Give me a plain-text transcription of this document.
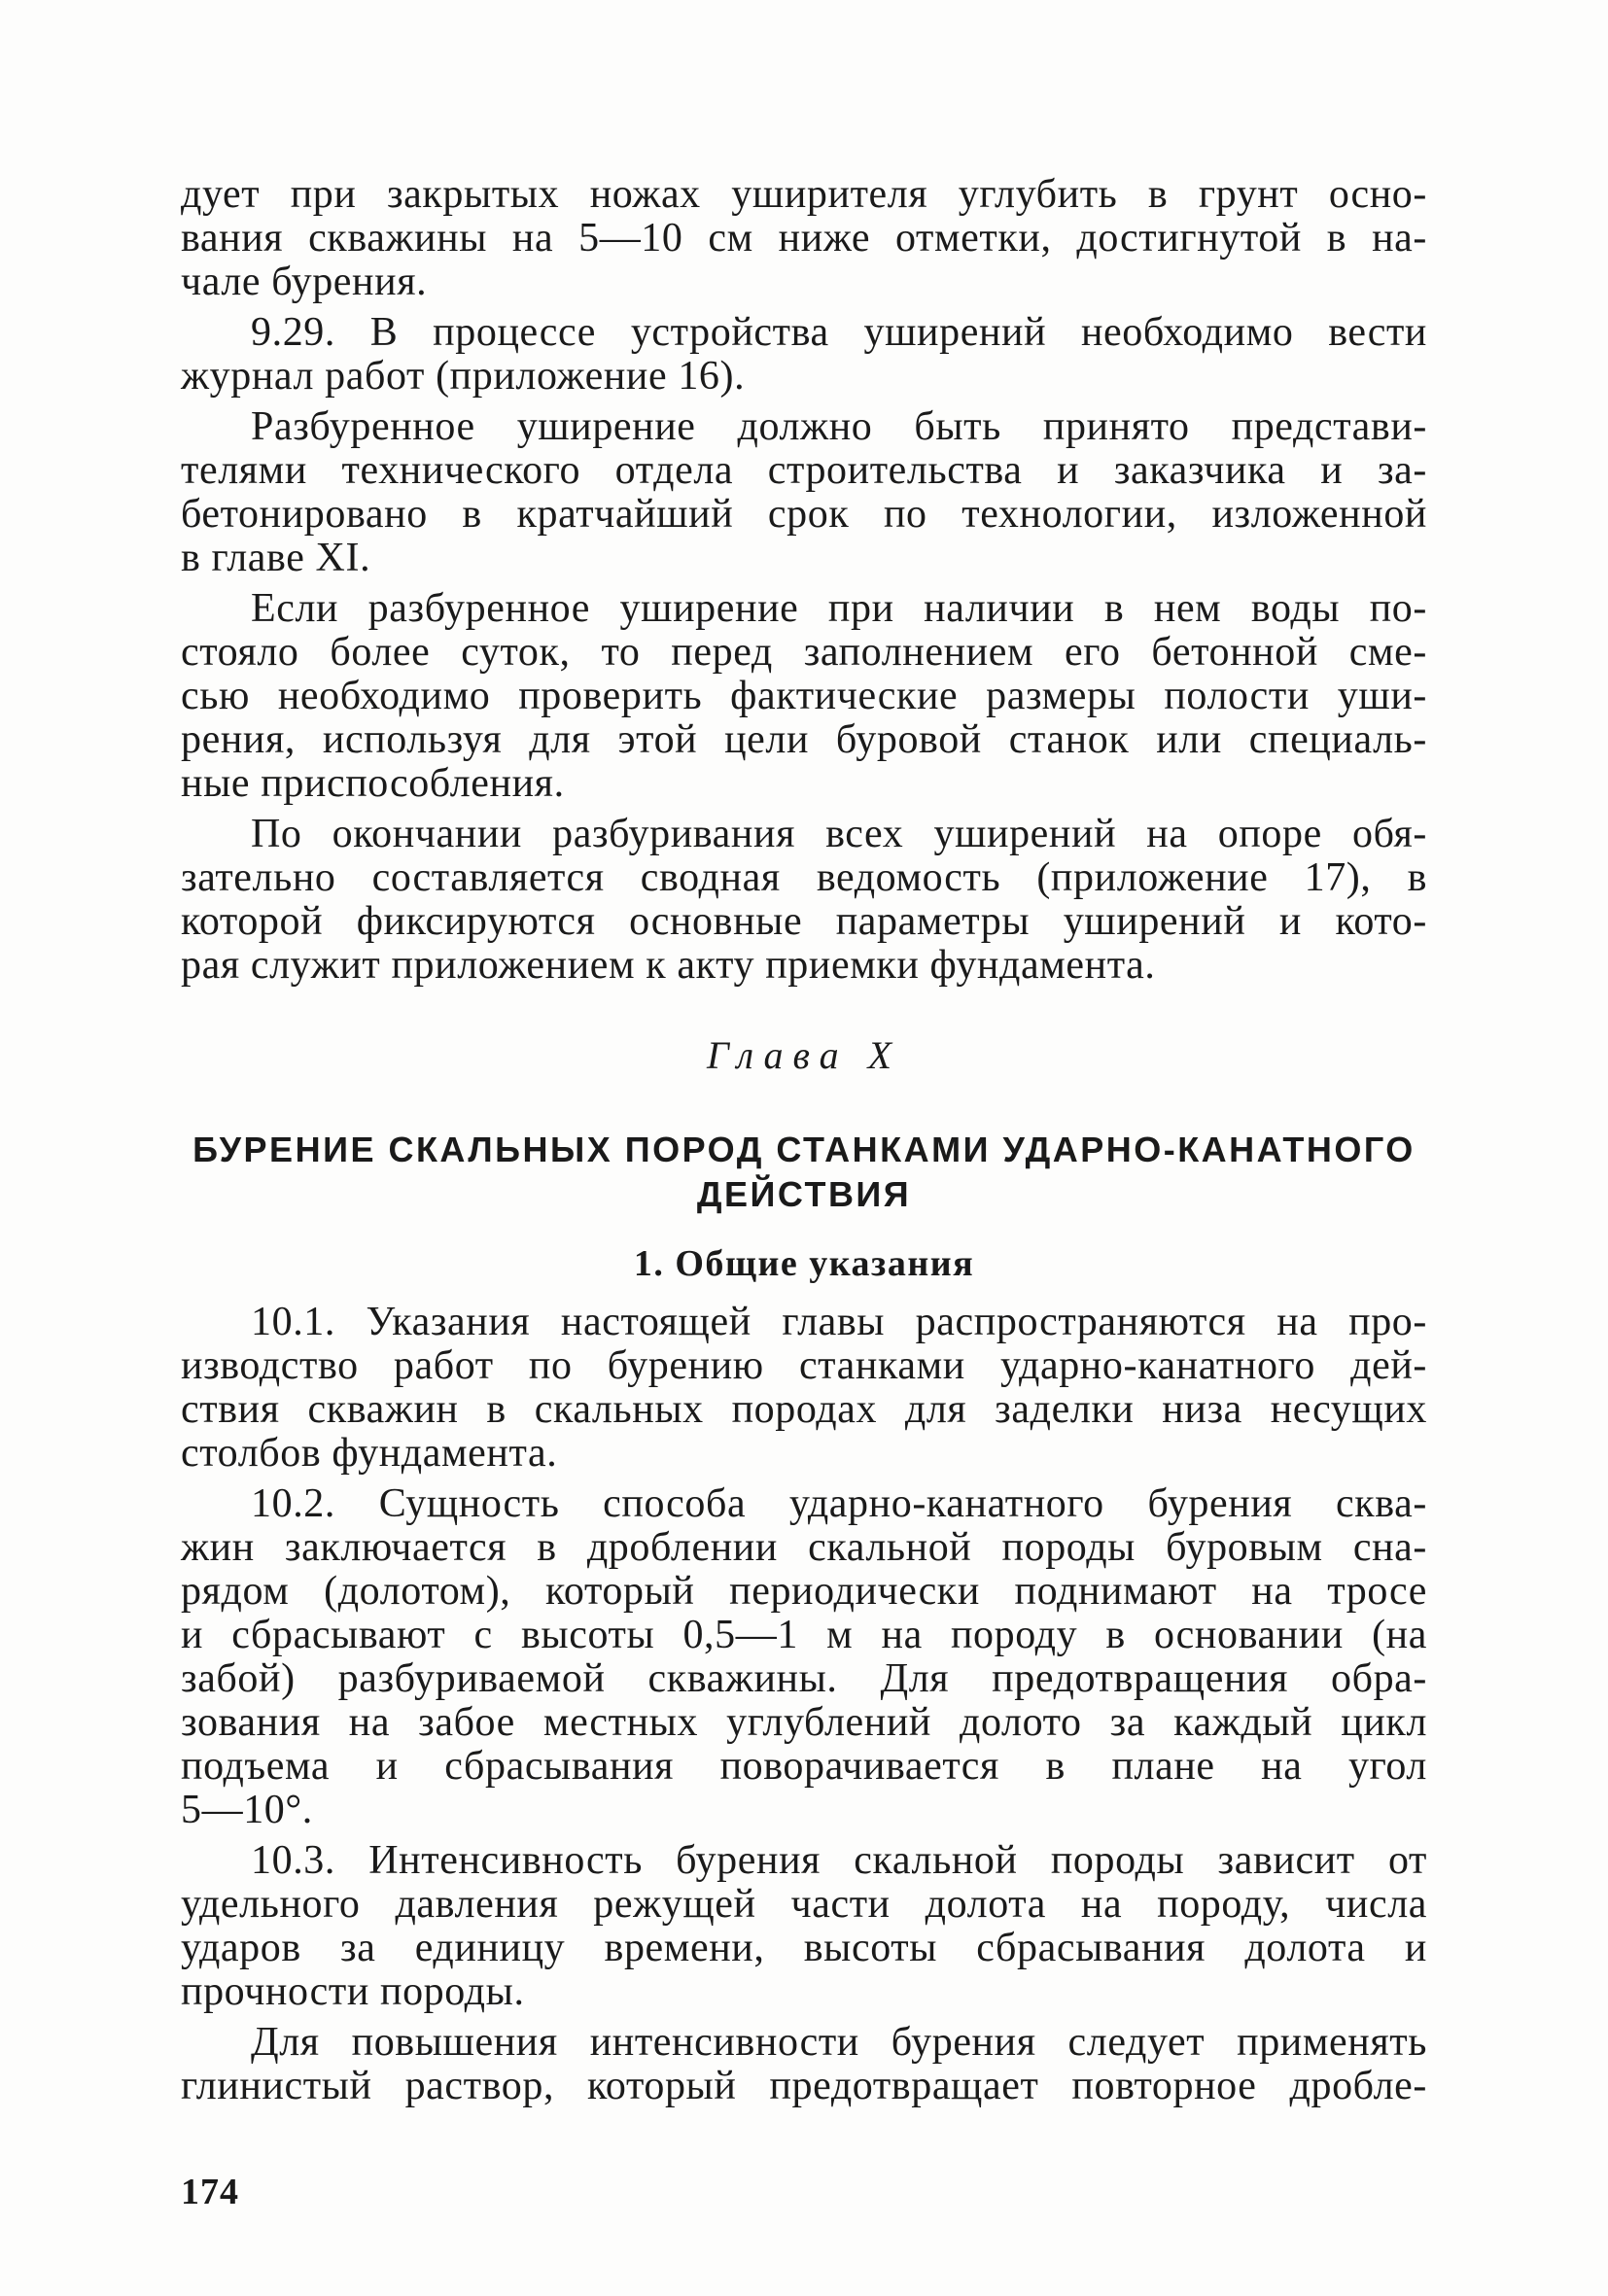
дует при закрытых ножах уширителя углубить в грунт осно-
вания скважины на 5—10 см ниже отметки, достигнутой в на-
чале бурения.
9.29. В процессе устройства уширений необходимо вести
журнал работ (приложение 16).
Разбуренное уширение должно быть принято представи-
телями технического отдела строительства и заказчика и за-
бетонировано в кратчайший срок по технологии, изложенной
в главе XI.
Если разбуренное уширение при наличии в нем воды по-
стояло более суток, то перед заполнением его бетонной сме-
сью необходимо проверить фактические размеры полости уши-
рения, используя для этой цели буровой станок или специаль-
ные приспособления.
По окончании разбуривания всех уширений на опоре обя-
зательно составляется сводная ведомость (приложение 17), в
которой фиксируются основные параметры уширений и кото-
рая служит приложением к акту приемки фундамента.
Глава X
БУРЕНИЕ СКАЛЬНЫХ ПОРОД СТАНКАМИ УДАРНО-КАНАТНОГО
ДЕЙСТВИЯ
1. Общие указания
10.1. Указания настоящей главы распространяются на про-
изводство работ по бурению станками ударно-канатного дей-
ствия скважин в скальных породах для заделки низа несущих
столбов фундамента.
10.2. Сущность способа ударно-канатного бурения сква-
жин заключается в дроблении скальной породы буровым сна-
рядом (долотом), который периодически поднимают на тросе
и сбрасывают с высоты 0,5—1 м на породу в основании (на
забой) разбуриваемой скважины. Для предотвращения обра-
зования на забое местных углублений долото за каждый цикл
подъема и сбрасывания поворачивается в плане на угол
5—10°.
10.3. Интенсивность бурения скальной породы зависит от
удельного давления режущей части долота на породу, числа
ударов за единицу времени, высоты сбрасывания долота и
прочности породы.
Для повышения интенсивности бурения следует применять
глинистый раствор, который предотвращает повторное дробле-
174
